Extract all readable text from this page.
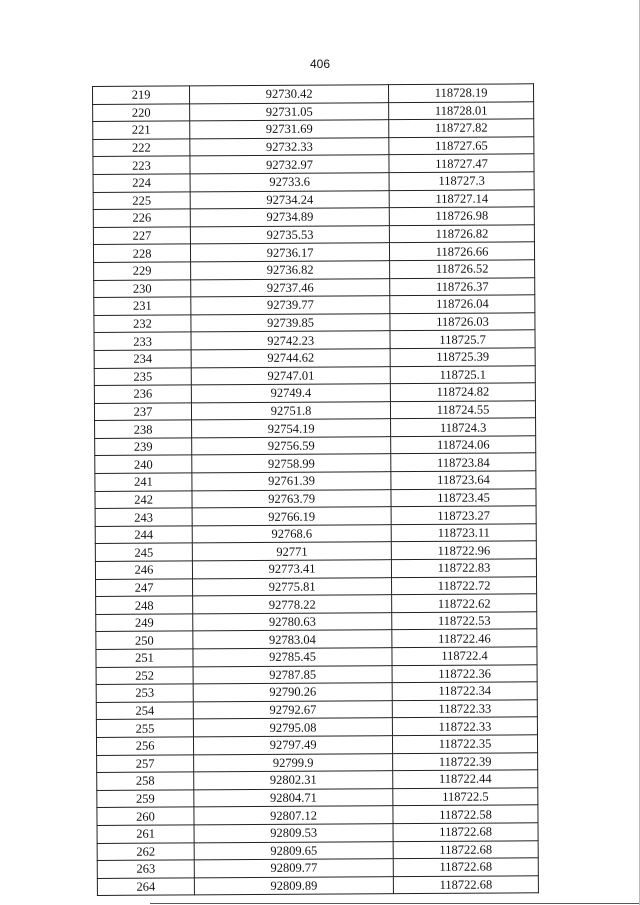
406
219	92730.42	118728.19
220	92731.05	118728.01
221	92731.69	118727.82
222	92732.33	118727.65
223	92732.97	118727.47
224	92733.6	118727.3
225	92734.24	118727.14
226	92734.89	118726.98
227	92735.53	118726.82
228	92736.17	118726.66
229	92736.82	118726.52
230	92737.46	118726.37
231	92739.77	118726.04
232	92739.85	118726.03
233	92742.23	118725.7
234	92744.62	118725.39
235	92747.01	118725.1
236	92749.4	118724.82
237	92751.8	118724.55
238	92754.19	118724.3
239	92756.59	118724.06
240	92758.99	118723.84
241	92761.39	118723.64
242	92763.79	118723.45
243	92766.19	118723.27
244	92768.6	118723.11
245	92771	118722.96
246	92773.41	118722.83
247	92775.81	118722.72
248	92778.22	118722.62
249	92780.63	118722.53
250	92783.04	118722.46
251	92785.45	118722.4
252	92787.85	118722.36
253	92790.26	118722.34
254	92792.67	118722.33
255	92795.08	118722.33
256	92797.49	118722.35
257	92799.9	118722.39
258	92802.31	118722.44
259	92804.71	118722.5
260	92807.12	118722.58
261	92809.53	118722.68
262	92809.65	118722.68
263	92809.77	118722.68
264	92809.89	118722.68
